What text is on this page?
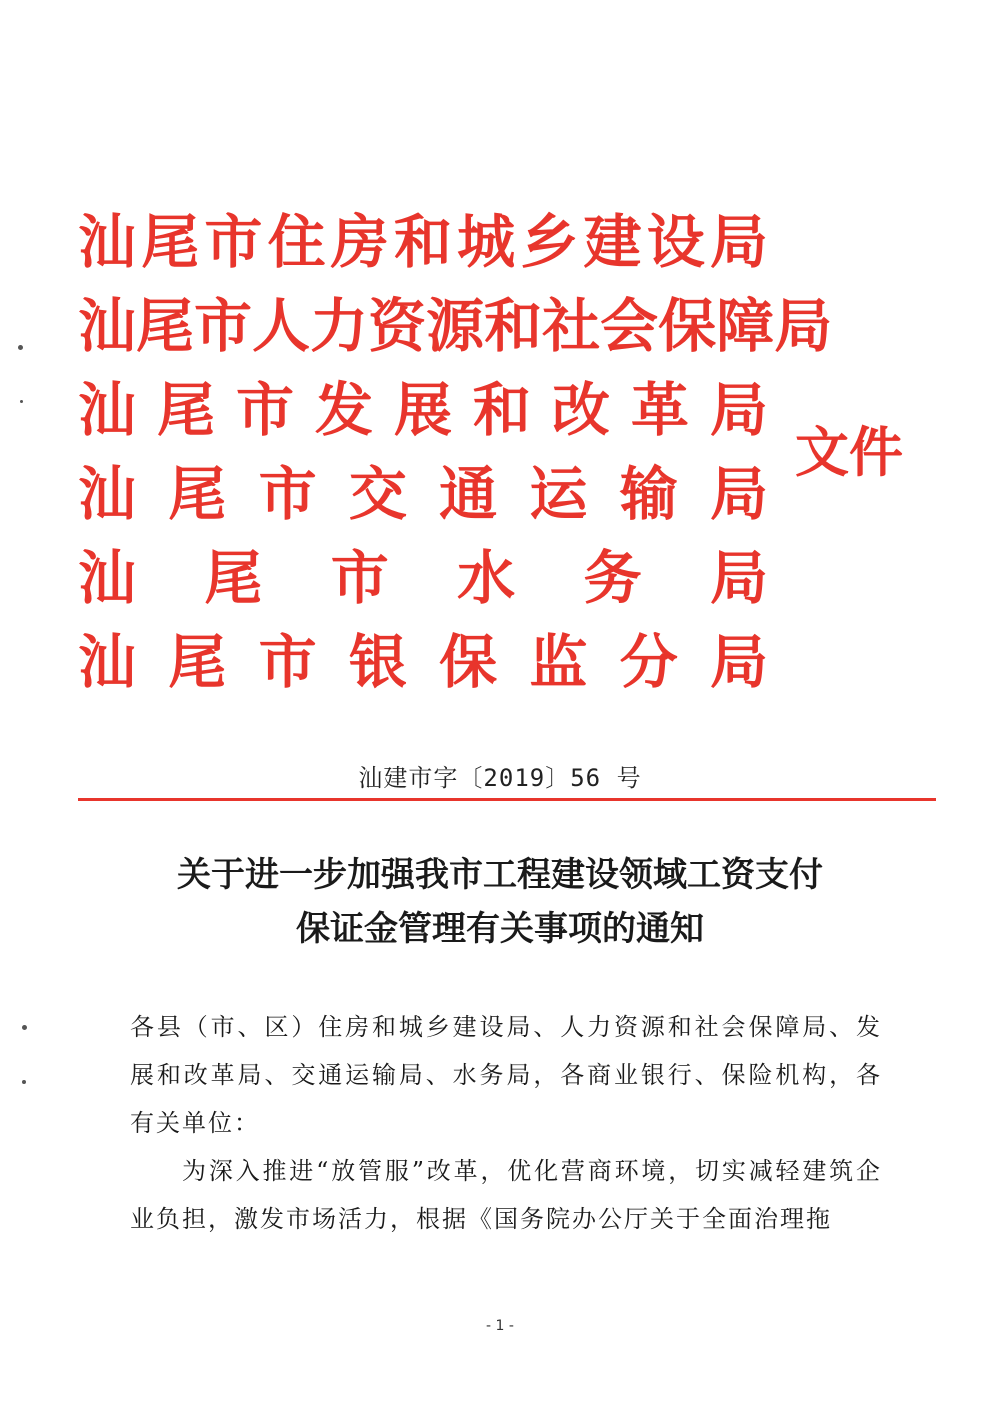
汕 尾 市 住 房 和 城 乡 建 设 局
汕 尾 市 人 力 资 源 和 社 会 保 障 局
汕 尾 市 发 展 和 改 革 局
汕 尾 市 交 通 运 输 局
汕 尾 市 水 务 局
汕 尾 市 银 保 监 分 局
文件
汕建市字〔2019〕56 号
关于进一步加强我市工程建设领域工资支付
保证金管理有关事项的通知

各县（市、区）住房和城乡建设局、人力资源和社会保障局、发展和改革局、交通运输局、水务局，各商业银行、保险机构，各有关单位：

为深入推进“放管服”改革，优化营商环境，切实减轻建筑企业负担，激发市场活力，根据《国务院办公厅关于全面治理拖

- 1 -
